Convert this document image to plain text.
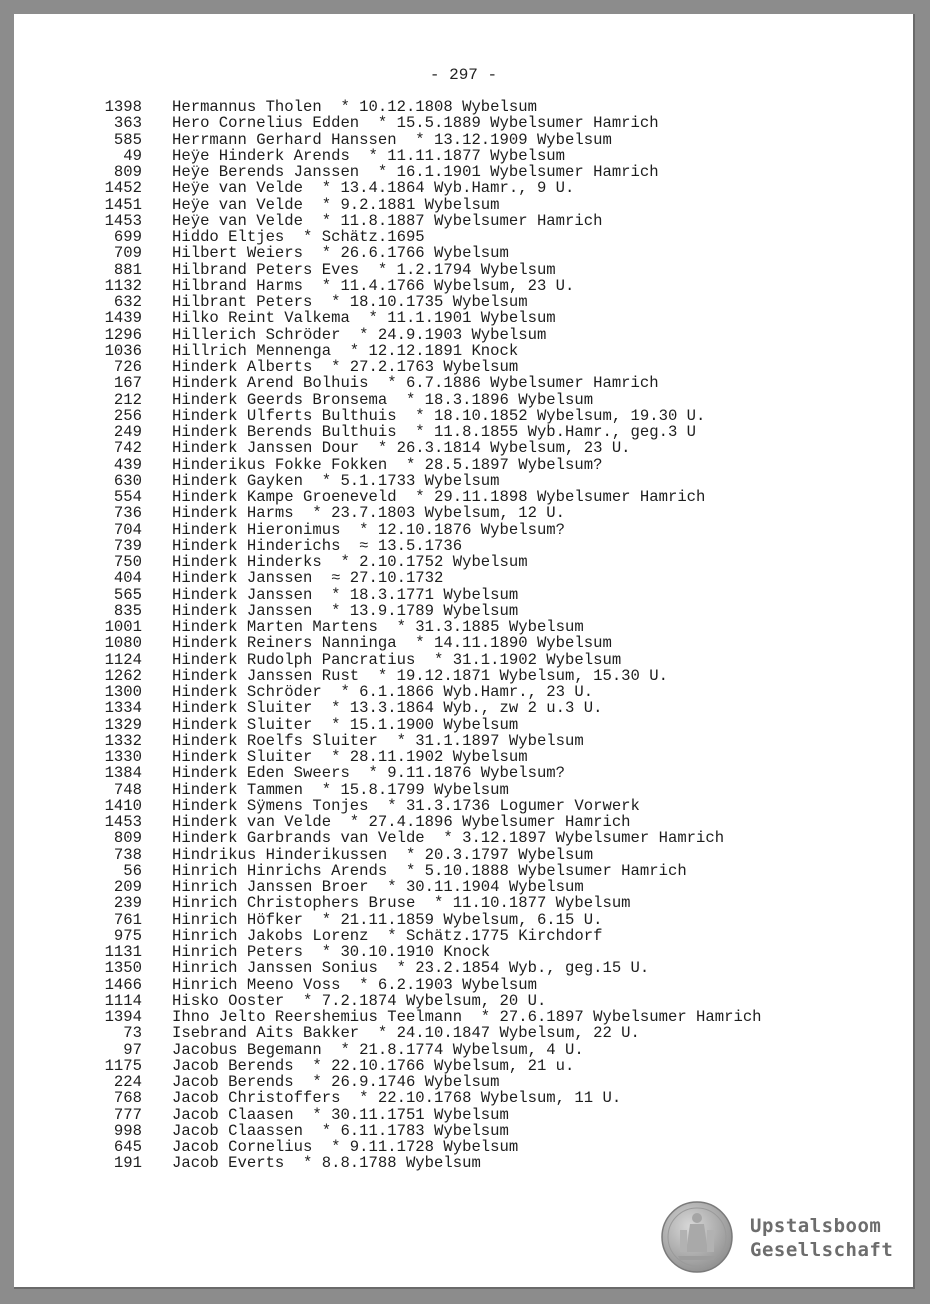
- 297 -
1398 Hermannus Tholen  * 10.12.1808 Wybelsum
363 Hero Cornelius Edden  * 15.5.1889 Wybelsumer Hamrich
585 Herrmann Gerhard Hanssen  * 13.12.1909 Wybelsum
49 Heÿe Hinderk Arends  * 11.11.1877 Wybelsum
809 Heÿe Berends Janssen  * 16.1.1901 Wybelsumer Hamrich
1452 Heÿe van Velde  * 13.4.1864 Wyb.Hamr., 9 U.
1451 Heÿe van Velde  * 9.2.1881 Wybelsum
1453 Heÿe van Velde  * 11.8.1887 Wybelsumer Hamrich
699 Hiddo Eltjes  * Schätz.1695
709 Hilbert Weiers  * 26.6.1766 Wybelsum
881 Hilbrand Peters Eves  * 1.2.1794 Wybelsum
1132 Hilbrand Harms  * 11.4.1766 Wybelsum, 23 U.
632 Hilbrant Peters  * 18.10.1735 Wybelsum
1439 Hilko Reint Valkema  * 11.1.1901 Wybelsum
1296 Hillerich Schröder  * 24.9.1903 Wybelsum
1036 Hillrich Mennenga  * 12.12.1891 Knock
726 Hinderk Alberts  * 27.2.1763 Wybelsum
167 Hinderk Arend Bolhuis  * 6.7.1886 Wybelsumer Hamrich
212 Hinderk Geerds Bronsema  * 18.3.1896 Wybelsum
256 Hinderk Ulferts Bulthuis  * 18.10.1852 Wybelsum, 19.30 U.
249 Hinderk Berends Bulthuis  * 11.8.1855 Wyb.Hamr., geg.3 U
742 Hinderk Janssen Dour  * 26.3.1814 Wybelsum, 23 U.
439 Hinderikus Fokke Fokken  * 28.5.1897 Wybelsum?
630 Hinderk Gayken  * 5.1.1733 Wybelsum
554 Hinderk Kampe Groeneveld  * 29.11.1898 Wybelsumer Hamrich
736 Hinderk Harms  * 23.7.1803 Wybelsum, 12 U.
704 Hinderk Hieronimus  * 12.10.1876 Wybelsum?
739 Hinderk Hinderichs  ≈ 13.5.1736
750 Hinderk Hinderks  * 2.10.1752 Wybelsum
404 Hinderk Janssen  ≈ 27.10.1732
565 Hinderk Janssen  * 18.3.1771 Wybelsum
835 Hinderk Janssen  * 13.9.1789 Wybelsum
1001 Hinderk Marten Martens  * 31.3.1885 Wybelsum
1080 Hinderk Reiners Nanninga  * 14.11.1890 Wybelsum
1124 Hinderk Rudolph Pancratius  * 31.1.1902 Wybelsum
1262 Hinderk Janssen Rust  * 19.12.1871 Wybelsum, 15.30 U.
1300 Hinderk Schröder  * 6.1.1866 Wyb.Hamr., 23 U.
1334 Hinderk Sluiter  * 13.3.1864 Wyb., zw 2 u.3 U.
1329 Hinderk Sluiter  * 15.1.1900 Wybelsum
1332 Hinderk Roelfs Sluiter  * 31.1.1897 Wybelsum
1330 Hinderk Sluiter  * 28.11.1902 Wybelsum
1384 Hinderk Eden Sweers  * 9.11.1876 Wybelsum?
748 Hinderk Tammen  * 15.8.1799 Wybelsum
1410 Hinderk Sÿmens Tonjes  * 31.3.1736 Logumer Vorwerk
1453 Hinderk van Velde  * 27.4.1896 Wybelsumer Hamrich
809 Hinderk Garbrands van Velde  * 3.12.1897 Wybelsumer Hamrich
738 Hindrikus Hinderikussen  * 20.3.1797 Wybelsum
56 Hinrich Hinrichs Arends  * 5.10.1888 Wybelsumer Hamrich
209 Hinrich Janssen Broer  * 30.11.1904 Wybelsum
239 Hinrich Christophers Bruse  * 11.10.1877 Wybelsum
761 Hinrich Höfker  * 21.11.1859 Wybelsum, 6.15 U.
975 Hinrich Jakobs Lorenz  * Schätz.1775 Kirchdorf
1131 Hinrich Peters  * 30.10.1910 Knock
1350 Hinrich Janssen Sonius  * 23.2.1854 Wyb., geg.15 U.
1466 Hinrich Meeno Voss  * 6.2.1903 Wybelsum
1114 Hisko Ooster  * 7.2.1874 Wybelsum, 20 U.
1394 Ihno Jelto Reershemius Teelmann  * 27.6.1897 Wybelsumer Hamrich
73 Isebrand Aits Bakker  * 24.10.1847 Wybelsum, 22 U.
97 Jacobus Begemann  * 21.8.1774 Wybelsum, 4 U.
1175 Jacob Berends  * 22.10.1766 Wybelsum, 21 u.
224 Jacob Berends  * 26.9.1746 Wybelsum
768 Jacob Christoffers  * 22.10.1768 Wybelsum, 11 U.
777 Jacob Claasen  * 30.11.1751 Wybelsum
998 Jacob Claassen  * 6.11.1783 Wybelsum
645 Jacob Cornelius  * 9.11.1728 Wybelsum
191 Jacob Everts  * 8.8.1788 Wybelsum
Upstalsboom
Gesellschaft
